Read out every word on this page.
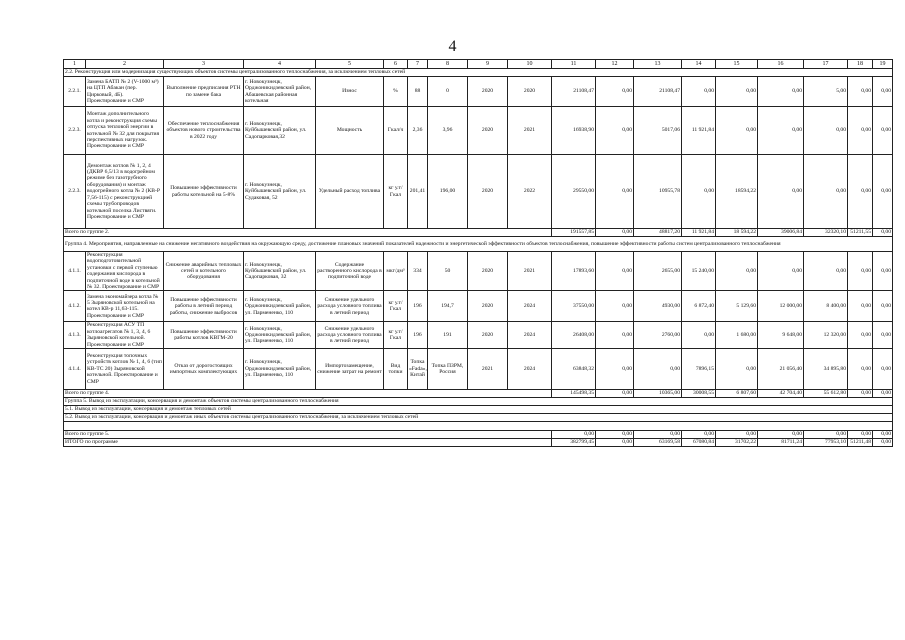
4
1	2	3	4	5	6	7	8	9	10	11	12	13	14	15	16	17	18	19
2.2. Реконструкция или модернизация существующих объектов системы централизованного теплоснабжения, за исключением тепловых сетей																		
2.2.1.	Замена БАТП № 2 (V-1000 м³) на ЦТП Абакан (пер. Цирковый, 4Б). Проектирование и СМР	Выполнение предписания РТН по замене бака	г. Новокузнецк, Орджоникидзевский район, Абашевская районная котельная	Износ	%	88	0	2020	2020	21108,47	0,00	21108,47	0,00	0,00	0,00	5,00	0,00	0,00
2.2.3.	Монтаж дополнительного котла и реконструкция схемы отпуска тепловой энергии в котельной № 32 для покрытия перспективных нагрузок. Проектирование и СМР	Обеспечение теплоснабжения объектов нового строительства в 2022 году	г. Новокузнецк, Куйбышевский район, ул. Садопарковая,32	Мощность	Гкал/ч	2,36	3,96	2020	2021	16938,90	0,00	5017,06	11 921,84	0,00	0,00	0,00	0,00	0,00
2.2.3.	Демонтаж котлов № 1, 2, 4 (ДКВР 6,5/13 в водогрейном режиме без газотрубного оборудования) и монтаж водогрейного котла № 2 (КВ-Р 7,56-115) с реконструкцией схемы трубопроводов котельной поселка Листвяги. Проектирование и СМР	Повышение эффективности работы котельной на 5-8%	г. Новокузнецк, Куйбышевский район, ул. Судаковая, 52	Удельный расход топлива	кг у.т/Гкал	201,41	196,00	2020	2022	29550,00	0,00	10955,78	0,00	18594,22	0,00	0,00	0,00	0,00
Всего по группе 2.										191557,85	0,00	48817,20	11 921,84	18 594,22	39006,84	32320,10	51211,55	0,00
Группа 4. Мероприятия, направленные на снижение негативного воздействия на окружающую среду, достижение плановых значений показателей надежности и энергетической эффективности объектов теплоснабжения, повышение эффективности работы систем централизованного теплоснабжения																		
4.1.1.	Реконструкция водоподготовительной установки с первой ступенью содержания кислорода в подпиточной воде в котельной № 32. Проектирование и СМР	Снижение аварийных тепловых сетей и котельного оборудования	г. Новокузнецк, Куйбышевский район, ул. Садопарковая, 32	Содержание растворенного кислорода в подпиточной воде	мкг/дм³	334	50	2020	2021	17893,60	0,00	2655,00	15 240,00	0,00	0,00	0,00	0,00	0,00
4.1.2.	Замена экономайзера котла № 5 Зыряновской котельной на котел КВ-р 11,63-115. Проектирование и СМР	Повышение эффективности работы в летний период работы, снижение выбросов	г. Новокузнецк, Орджоникидзевский район, ул. Пармененко, 110	Снижение удельного расхода условного топлива в летний период	кг у.т/Гкал	196	194,7	2020	2024	37550,00	0,00	4930,00	6 872,40	5 129,60	12 000,00	8 400,00	0,00	0,00
4.1.3.	Реконструкция АСУ ТП котлоагрегатов № 1, 3, 4, 6 Зыряновской котельной. Проектирование и СМР	Повышение эффективности работы котлов КВГМ-20	г. Новокузнецк, Орджоникидзевский район, ул. Пармененко, 110	Снижение удельного расхода условного топлива в летний период	кг у.т/Гкал	196	191	2020	2024	26408,00	0,00	2760,00	0,00	1 680,00	9 648,00	12 320,00	0,00	0,00
4.1.4.	Реконструкция топочных устройств котлов № 1, 4, 6 (тип КВ-ТС 20) Зыряновской котельной. Проектирование и СМР	Отказ от дорогостоящих импортных комплектующих	г. Новокузнецк, Орджоникидзевский район, ул. Пармененко, 110	Импортозамещение, снижение затрат на ремонт	Вид топки	Топка «Fada», Китай	Топка ПЗРМ, Россия	2021	2024	63848,32	0,00	0,00	7896,15	0,00	21 056,40	34 895,80	0,00	0,00
Всего по группе 4.										145498,35	0,00	10365,00	30008,55	6 807,60	42 704,40	55 612,80	0,00	0,00
Группа 5. Вывод из эксплуатации, консервация и демонтаж объектов системы централизованного теплоснабжения																		
5.1. Вывод из эксплуатации, консервация и демонтаж тепловых сетей																		
5.2. Вывод из эксплуатации, консервация и демонтаж иных объектов системы централизованного теплоснабжения, за исключением тепловых сетей																		

Всего по группе 5.										0,00	0,00	0,00	0,00	0,00	0,00	0,00	0,00	0,00
ИТОГО по программе										382799,45	0,00	63169,58	67080,84	31702,22	81711,24	77953,10	51211,48	0,00
